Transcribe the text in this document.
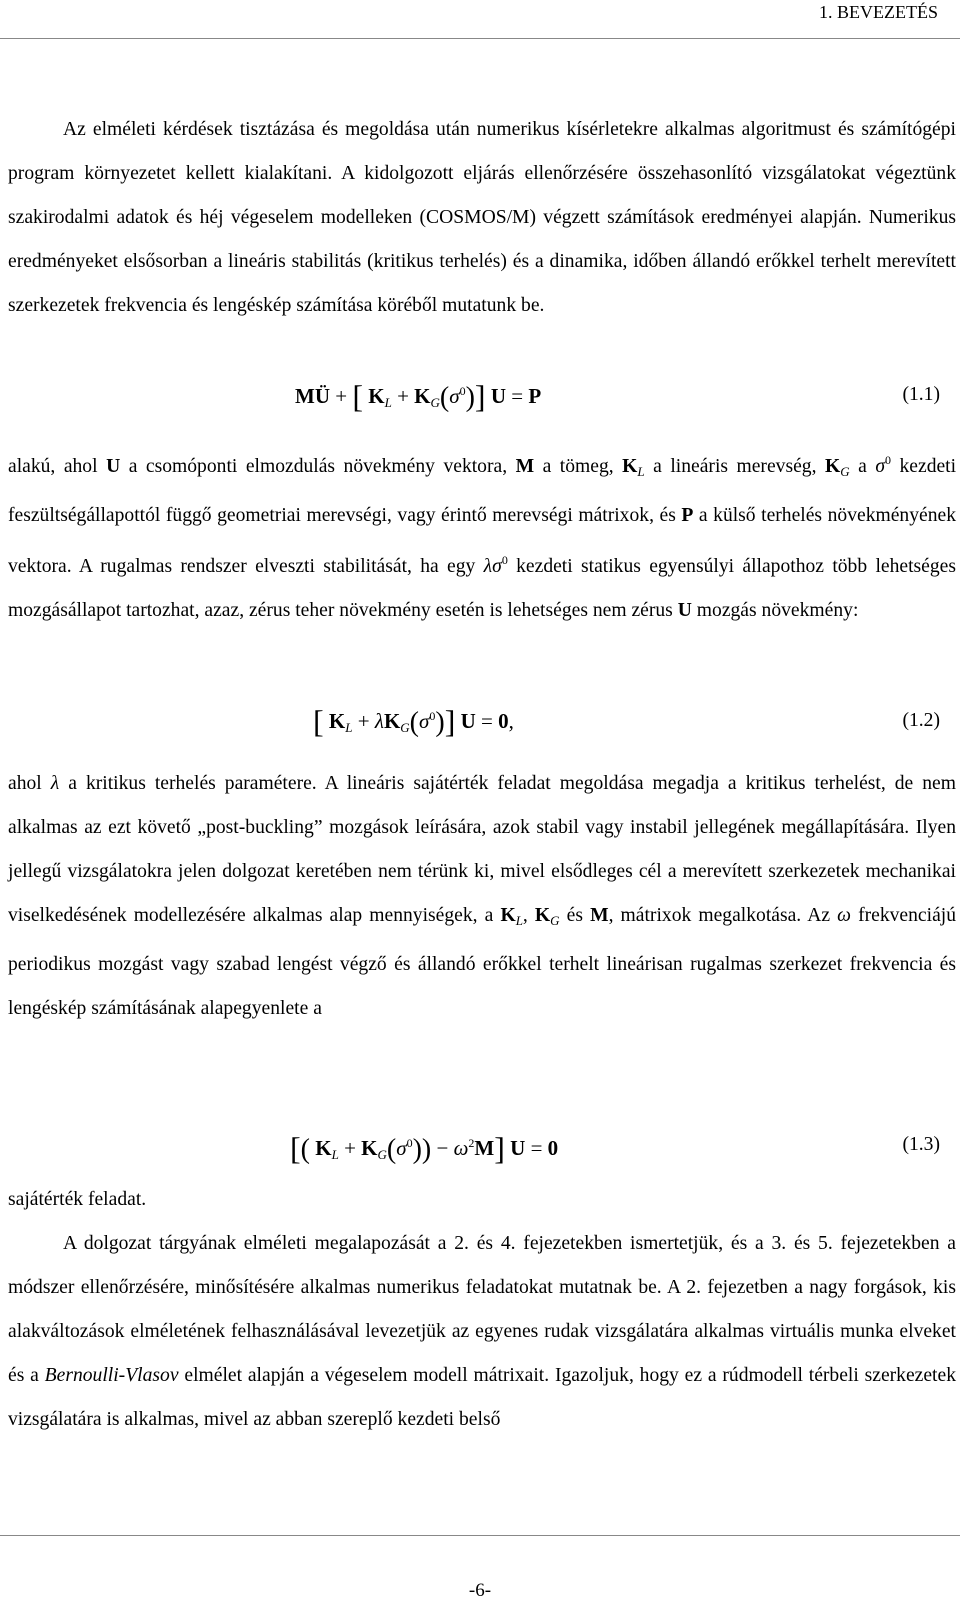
1. BEVEZETÉS

Az elméleti kérdések tisztázása és megoldása után numerikus kísérletekre alkalmas algoritmust és számítógépi program környezetet kellett kialakítani. A kidolgozott eljárás ellenőrzésére összehasonlító vizsgálatokat végeztünk szakirodalmi adatok és héj végeselem modelleken (COSMOS/M) végzett számítások eredményei alapján. Numerikus eredményeket elsősorban a lineáris stabilitás (kritikus terhelés) és a dinamika, időben állandó erőkkel terhelt merevített szerkezetek frekvencia és lengéskép számítása köréből mutatunk be.

MÜ + [ $K_L + K_G(\sigma^0)$] U = P	(1.1)

alakú, ahol U a csomóponti elmozdulás növekmény vektora, M a tömeg, $K_L$ a lineáris merevség, $K_G$ a $\sigma^0$ kezdeti feszültségállapottól függő geometriai merevségi, vagy érintő merevségi mátrixok, és P a külső terhelés növekményének vektora. A rugalmas rendszer elveszti stabilitását, ha egy $\lambda\sigma^0$ kezdeti statikus egyensúlyi állapothoz több lehetséges mozgásállapot tartozhat, azaz, zérus teher növekmény esetén is lehetséges nem zérus U mozgás növekmény:

[ $K_L + \lambda K_G(\sigma^0)$] U = 0,	(1.2)

ahol λ a kritikus terhelés paramétere. A lineáris sajátérték feladat megoldása megadja a kritikus terhelést, de nem alkalmas az ezt követő „post-buckling” mozgások leírására, azok stabil vagy instabil jellegének megállapítására. Ilyen jellegű vizsgálatokra jelen dolgozat keretében nem térünk ki, mivel elsődleges cél a merevített szerkezetek mechanikai viselkedésének modellezésére alkalmas alap mennyiségek, a $K_L$, $K_G$ és M, mátrixok megalkotása. Az ω frekvenciájú periodikus mozgást vagy szabad lengést végző és állandó erőkkel terhelt lineárisan rugalmas szerkezet frekvencia és lengéskép számításának alapegyenlete a

[( $K_L + K_G(\sigma^0)) - \omega^2M$] U = 0	(1.3)

sajátérték feladat.

A dolgozat tárgyának elméleti megalapozását a 2. és 4. fejezetekben ismertetjük, és a 3. és 5. fejezetekben a módszer ellenőrzésére, minősítésére alkalmas numerikus feladatokat mutatnak be. A 2. fejezetben a nagy forgások, kis alakváltozások elméletének felhasználásával levezetjük az egyenes rudak vizsgálatára alkalmas virtuális munka elveket és a Bernoulli-Vlasov elmélet alapján a végeselem modell mátrixait. Igazoljuk, hogy ez a rúdmodell térbeli szerkezetek vizsgálatára is alkalmas, mivel az abban szereplő kezdeti belső

-6-
